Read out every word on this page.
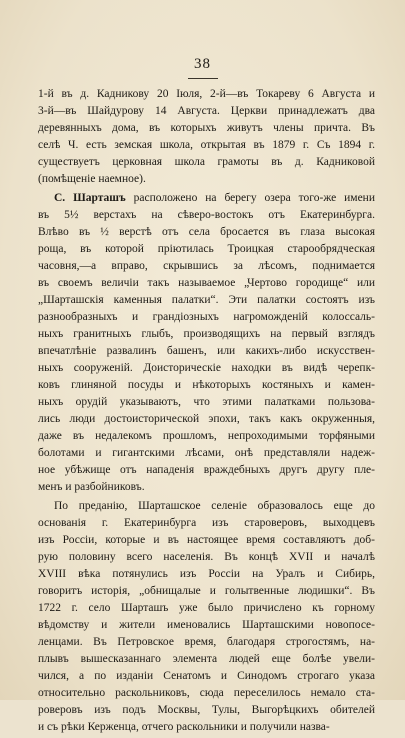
38
1-й въ д. Кадникову 20 Іюля, 2-й—въ Токареву 6 Августа и
3-й—въ Шайдурову 14 Августа. Церкви принадлежатъ два
деревянныхъ дома, въ которыхъ живутъ члены причта. Въ
селѣ Ч. есть земская школа, открытая въ 1879 г. Съ 1894 г.
существуетъ церковная школа грамоты въ д. Кадниковой
(помѣщеніе наемное).
С. Шарташъ расположено на берегу озера того-же имени
въ 5½ верстахъ на сѣверо-востокъ отъ Екатеринбурга.
Влѣво въ ½ верстѣ отъ села бросается въ глаза высокая
роща, въ которой пріютилась Троицкая старообрядческая
часовня,—а вправо, скрывшись за лѣсомъ, поднимается
въ своемъ величіи такъ называемое „Чертово городище“ или
„Шарташскія каменныя палатки“. Эти палатки состоятъ изъ
разнообразныхъ и грандіозныхъ нагроможденій колоссаль-
ныхъ гранитныхъ глыбъ, производящихъ на первый взглядъ
впечатлѣніе развалинъ башенъ, или какихъ-либо искусствен-
ныхъ сооруженій. Доисторическіе находки въ видѣ черепк-
ковъ глиняной посуды и нѣкоторыхъ костяныхъ и камен-
ныхъ орудій указываютъ, что этими палатками пользова-
лись люди достоисторической эпохи, такъ какъ окруженныя,
даже въ недалекомъ прошломъ, непроходимыми торфяными
болотами и гигантскими лѣсами, онѣ представляли надеж-
ное убѣжище отъ нападенія враждебныхъ другъ другу пле-
менъ и разбойниковъ.
По преданію, Шарташское селеніе образовалось еще до
основанія г. Екатеринбурга изъ староверовъ, выходцевъ
изъ Россіи, которые и въ настоящее время составляютъ доб-
рую половину всего населенія. Въ концѣ XVII и началѣ
XVIII вѣка потянулись изъ Россіи на Уралъ и Сибирь,
говоритъ исторія, „обнищалые и голытвенные людишки“. Въ
1722 г. село Шарташъ уже было причислено къ горному
вѣдомству и жители именовались Шарташскими новопосе-
ленцами. Въ Петровское время, благодаря строгостямъ, на-
плывъ вышесказаннаго элемента людей еще болѣе увели-
чился, а по изданіи Сенатомъ и Синодомъ строгаго указа
относительно раскольниковъ, сюда переселилось немало ста-
роверовъ изъ подъ Москвы, Тулы, Выгорѣцкихъ обителей
и съ рѣки Керженца, отчего раскольники и получили назва-
